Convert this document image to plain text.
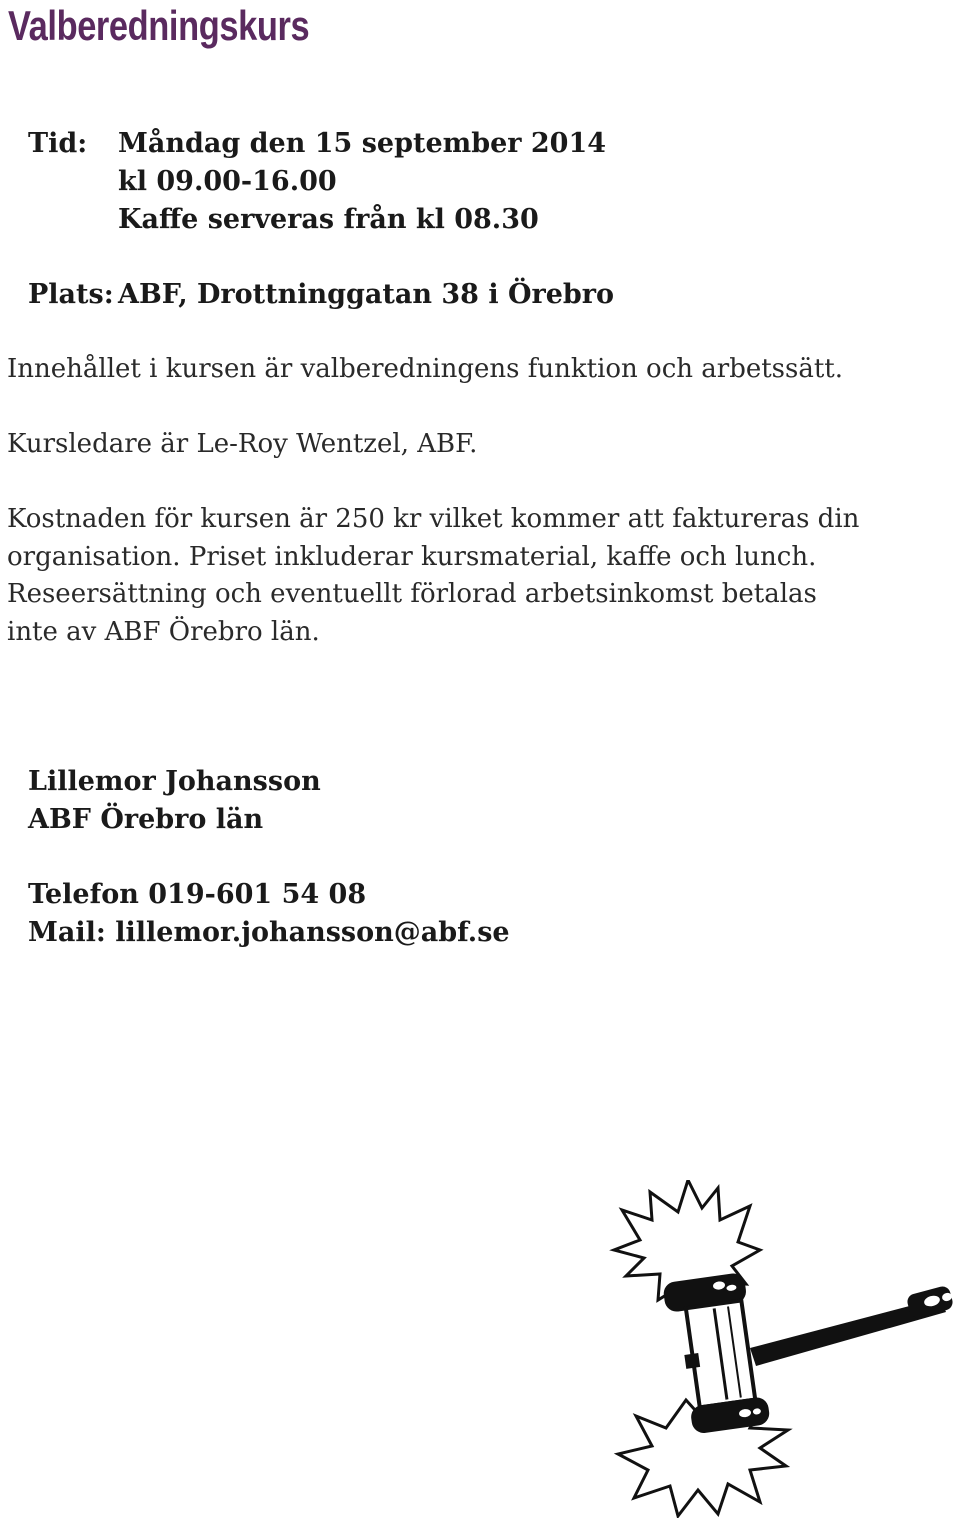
Valberedningskurs
Tid: Måndag den 15 september 2014
kl 09.00-16.00
Kaffe serveras från kl 08.30
Plats: ABF, Drottninggatan 38 i Örebro

Innehållet i kursen är valberedningens funktion och arbetssätt.

Kursledare är Le-Roy Wentzel, ABF.

Kostnaden för kursen är 250 kr vilket kommer att faktureras din organisation. Priset inkluderar kursmaterial, kaffe och lunch. Reseersättning och eventuellt förlorad arbetsinkomst betalas inte av ABF Örebro län.

Lillemor Johansson
ABF Örebro län
Telefon 019-601 54 08
Mail: lillemor.johansson@abf.se
